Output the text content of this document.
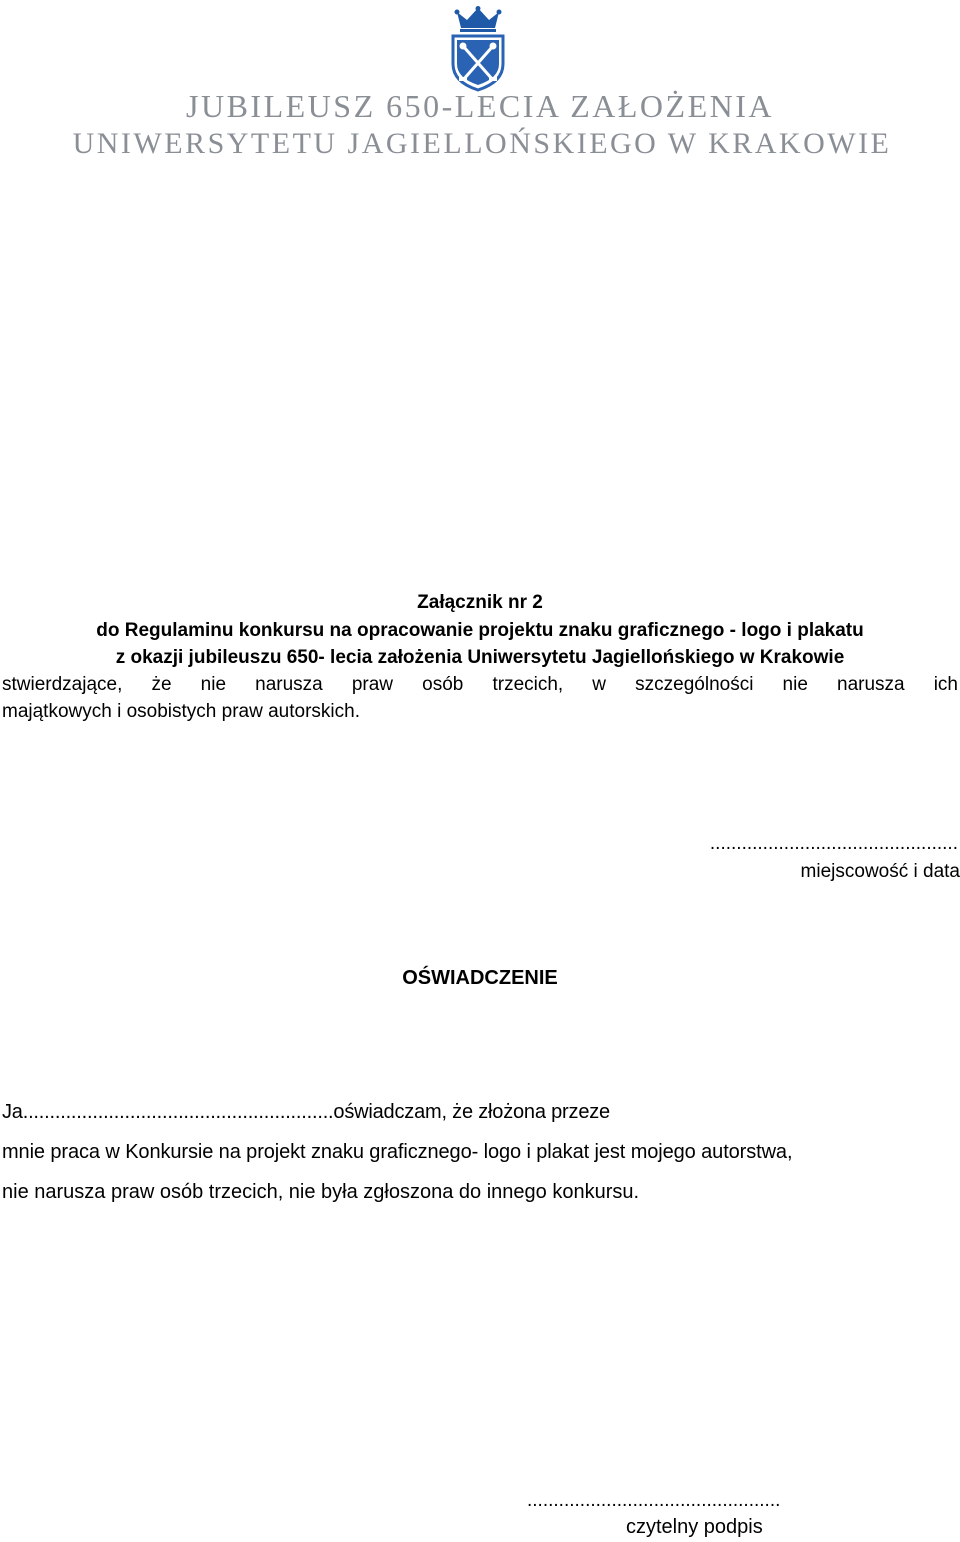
JUBILEUSZ 650-LECIA ZAŁOŻENIA
UNIWERSYTETU JAGIELLOŃSKIEGO W KRAKOWIE
Załącznik nr 2
do Regulaminu konkursu na opracowanie projektu znaku graficznego - logo i plakatu
z okazji jubileuszu 650- lecia założenia Uniwersytetu Jagiellońskiego w Krakowie
stwierdzające, że nie narusza praw osób trzecich, w szczególności nie narusza ich
majątkowych i osobistych praw autorskich.
...............................................
miejscowość i data
OŚWIADCZENIE
Ja..........................................................oświadczam, że złożona przeze
mnie praca w Konkursie na projekt znaku graficznego- logo i plakat jest mojego autorstwa,
nie narusza praw osób trzecich, nie była zgłoszona do innego konkursu.
................................................
czytelny podpis
